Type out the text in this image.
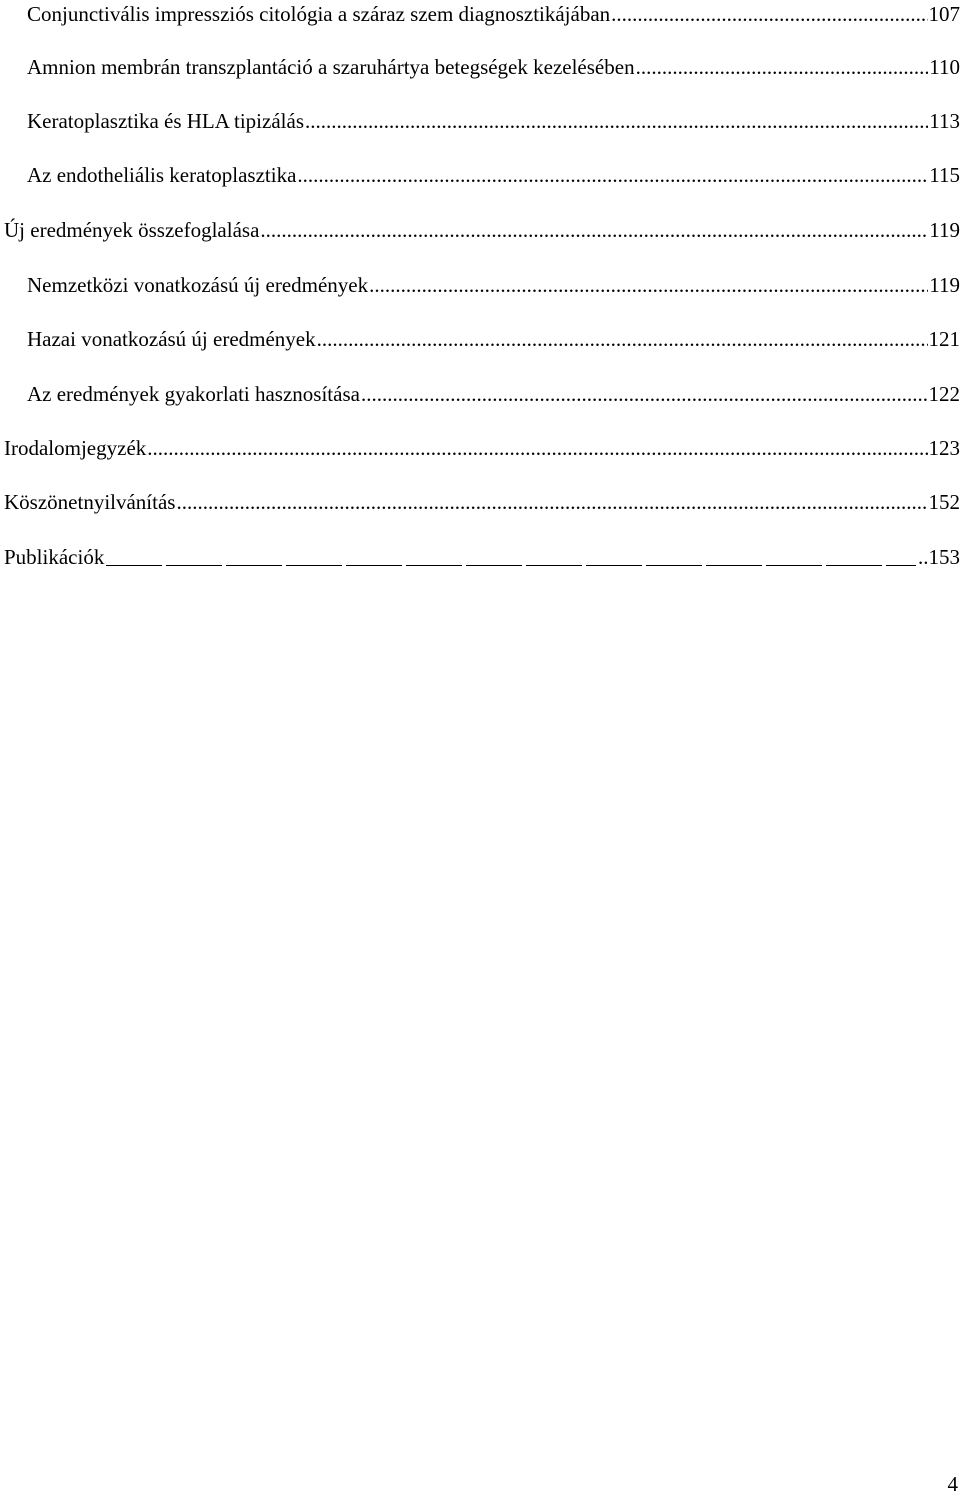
Conjunctivális impressziós citológia a száraz szem diagnosztikájában .....	107
Amnion membrán transzplantáció a szaruhártya betegségek kezelésében .....	110
Keratoplasztika és HLA tipizálás .....	113
Az endotheliális keratoplasztika .....	115
Új eredmények összefoglalása .....	119
Nemzetközi vonatkozású új eredmények .....	119
Hazai vonatkozású új eredmények .....	121
Az eredmények gyakorlati hasznosítása .....	122
Irodalomjegyzék .....	123
Köszönetnyilvánítás .....	152
Publikációk	..153
4
